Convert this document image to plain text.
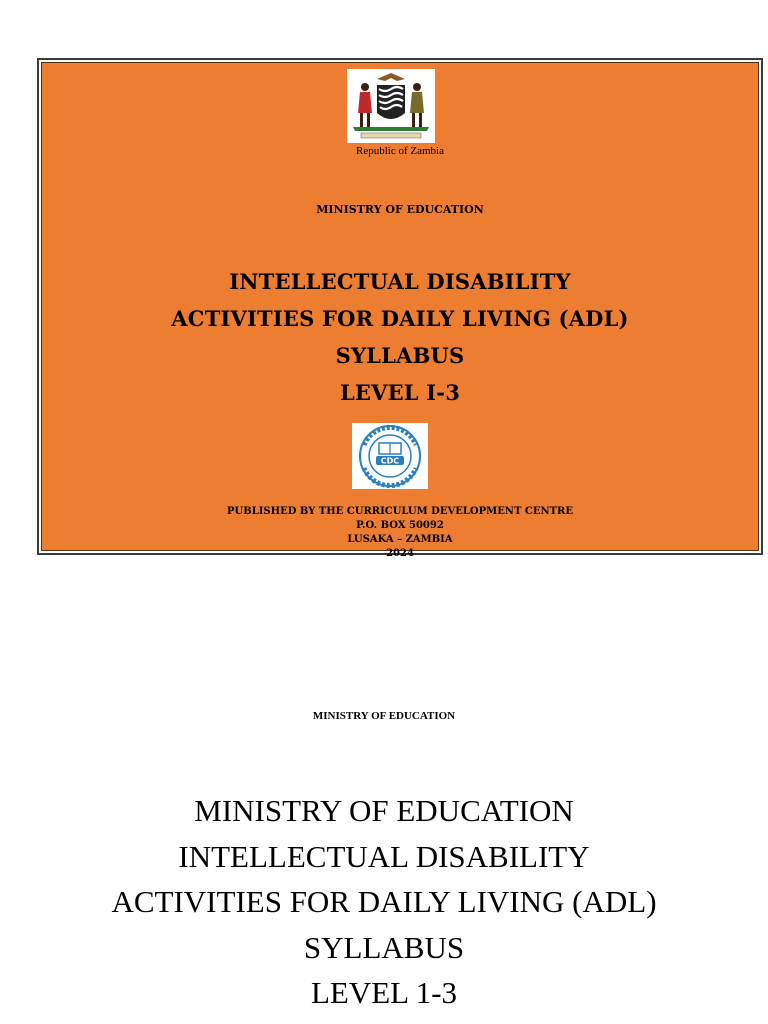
Republic of Zambia
MINISTRY OF EDUCATION
INTELLECTUAL DISABILITY
ACTIVITIES FOR DAILY LIVING (ADL)
SYLLABUS
LEVEL I-3
CDC
PUBLISHED BY THE CURRICULUM DEVELOPMENT CENTRE
P.O. BOX 50092
LUSAKA – ZAMBIA
2024
MINISTRY OF EDUCATION
MINISTRY OF EDUCATION
INTELLECTUAL DISABILITY
ACTIVITIES FOR DAILY LIVING (ADL)
SYLLABUS
LEVEL 1-3
